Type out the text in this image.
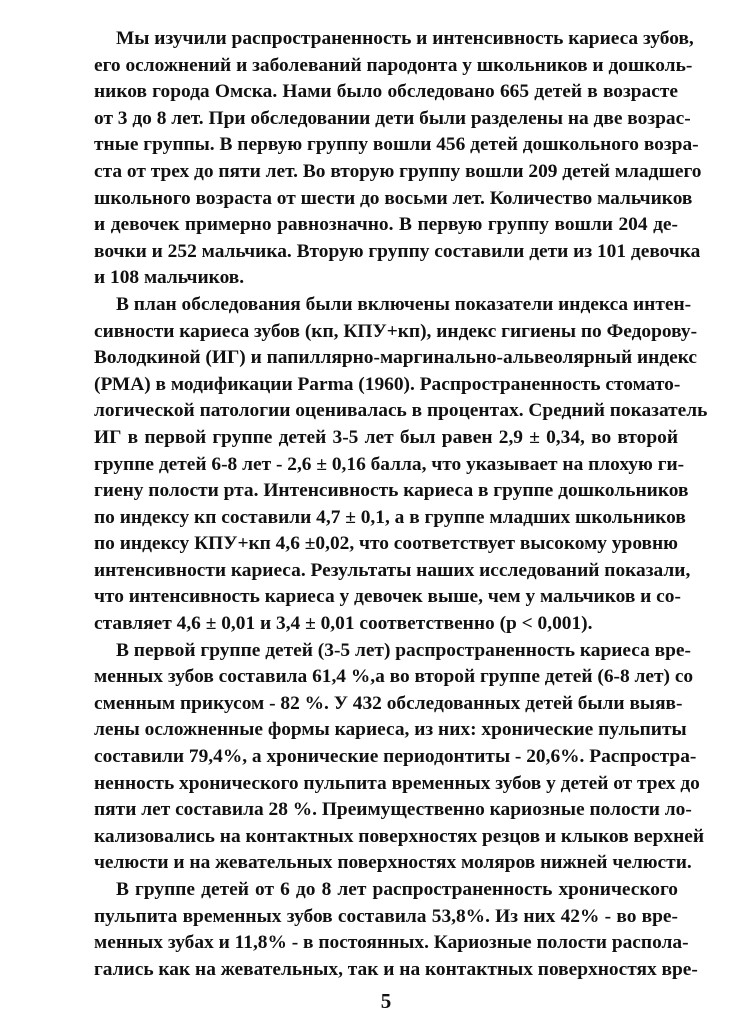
Мы изучили распространенность и интенсивность кариеса зубов,
его осложнений и заболеваний пародонта у школьников и дошколь-
ников города Омска. Нами было обследовано 665 детей в возрасте
от 3 до 8 лет. При обследовании дети были разделены на две возрас-
тные группы. В первую группу вошли 456 детей дошкольного возра-
ста от трех до пяти лет. Во вторую группу вошли 209 детей младшего
школьного возраста от шести до восьми лет. Количество мальчиков
и девочек примерно равнозначно. В первую группу вошли 204 де-
вочки и 252 мальчика. Вторую группу составили дети из 101 девочка
и 108 мальчиков.
В план обследования были включены показатели индекса интен-
сивности кариеса зубов (кп, КПУ+кп), индекс гигиены по Федорову-
Володкиной (ИГ) и папиллярно-маргинально-альвеолярный индекс
(РМА) в модификации Parma (1960). Распространенность стомато-
логической патологии оценивалась в процентах. Средний показатель
ИГ в первой группе детей 3-5 лет был равен 2,9 ± 0,34, во второй
группе детей 6-8 лет - 2,6 ± 0,16 балла, что указывает на плохую ги-
гиену полости рта. Интенсивность кариеса в группе дошкольников
по индексу кп составили 4,7 ± 0,1, а в группе младших школьников
по индексу КПУ+кп 4,6 ±0,02, что соответствует высокому уровню
интенсивности кариеса. Результаты наших исследований показали,
что интенсивность кариеса у девочек выше, чем у мальчиков и со-
ставляет 4,6 ± 0,01 и 3,4 ± 0,01 соответственно (р < 0,001).
В первой группе детей (3-5 лет) распространенность кариеса вре-
менных зубов составила 61,4 %,а во второй группе детей (6-8 лет) со
сменным прикусом - 82 %. У 432 обследованных детей были выяв-
лены осложненные формы кариеса, из них: хронические пульпиты
составили 79,4%, а хронические периодонтиты - 20,6%. Распростра-
ненность хронического пульпита временных зубов у детей от трех до
пяти лет составила 28 %. Преимущественно кариозные полости ло-
кализовались на контактных поверхностях резцов и клыков верхней
челюсти и на жевательных поверхностях моляров нижней челюсти.
В группе детей от 6 до 8 лет распространенность хронического
пульпита временных зубов составила 53,8%. Из них 42% - во вре-
менных зубах и 11,8% - в постоянных. Кариозные полости распола-
гались как на жевательных, так и на контактных поверхностях вре-
5
